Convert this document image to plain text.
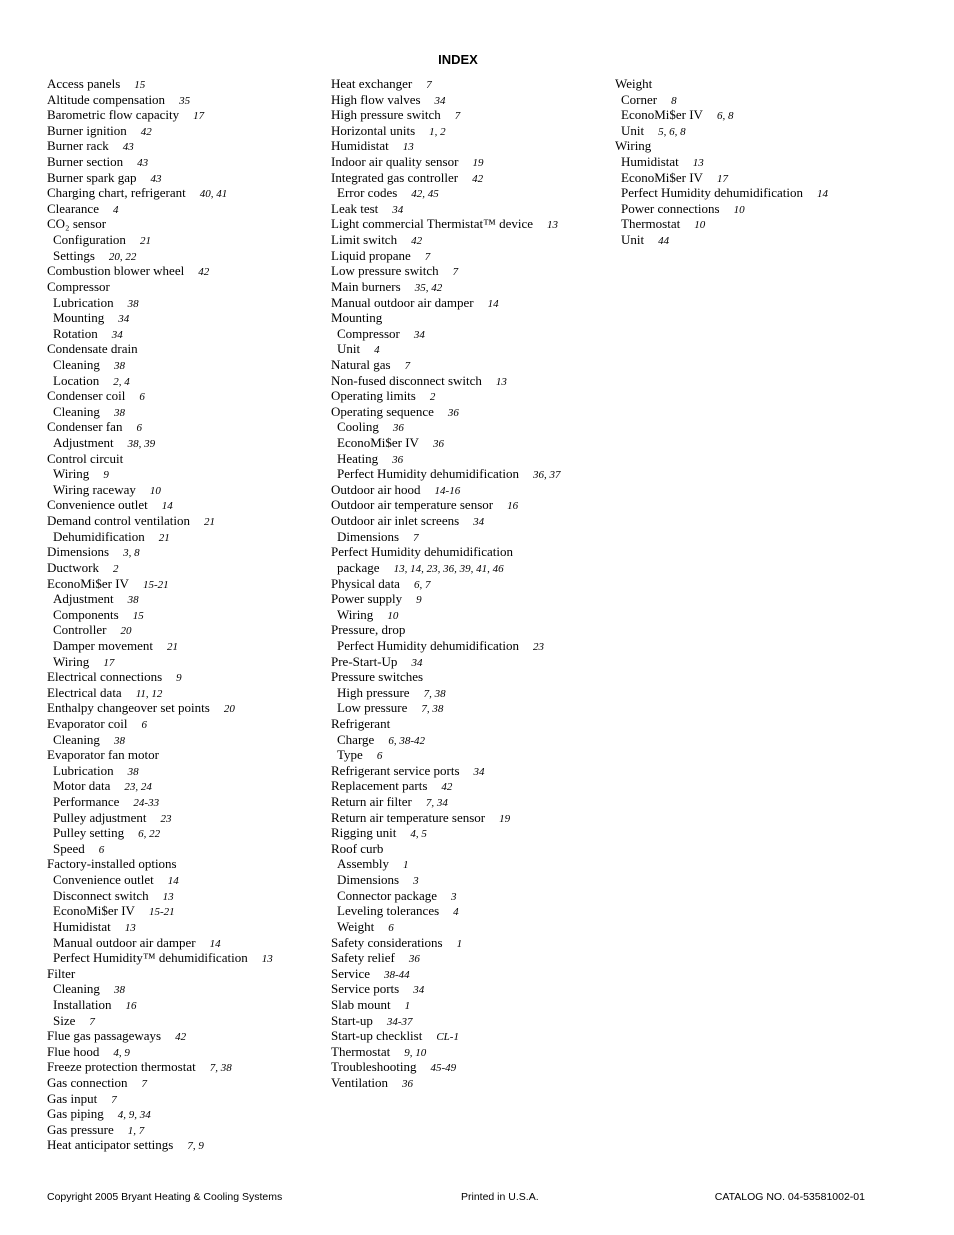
INDEX
Access panels 15
Altitude compensation 35
Barometric flow capacity 17
Burner ignition 42
Burner rack 43
Burner section 43
Burner spark gap 43
Charging chart, refrigerant 40, 41
Clearance 4
CO₂ sensor
Configuration 21
Settings 20, 22
Combustion blower wheel 42
Compressor
Lubrication 38
Mounting 34
Rotation 34
Condensate drain
Cleaning 38
Location 2, 4
Condenser coil 6
Cleaning 38
Condenser fan 6
Adjustment 38, 39
Control circuit
Wiring 9
Wiring raceway 10
Convenience outlet 14
Demand control ventilation 21
Dehumidification 21
Dimensions 3, 8
Ductwork 2
EconoMi$er IV 15-21
Adjustment 38
Components 15
Controller 20
Damper movement 21
Wiring 17
Electrical connections 9
Electrical data 11, 12
Enthalpy changeover set points 20
Evaporator coil 6
Cleaning 38
Evaporator fan motor
Lubrication 38
Motor data 23, 24
Performance 24-33
Pulley adjustment 23
Pulley setting 6, 22
Speed 6
Factory-installed options
Convenience outlet 14
Disconnect switch 13
EconoMi$er IV 15-21
Humidistat 13
Manual outdoor air damper 14
Perfect Humidity™ dehumidification 13
Filter
Cleaning 38
Installation 16
Size 7
Flue gas passageways 42
Flue hood 4, 9
Freeze protection thermostat 7, 38
Gas connection 7
Gas input 7
Gas piping 4, 9, 34
Gas pressure 1, 7
Heat anticipator settings 7, 9
Heat exchanger 7
High flow valves 34
High pressure switch 7
Horizontal units 1, 2
Humidistat 13
Indoor air quality sensor 19
Integrated gas controller 42
Error codes 42, 45
Leak test 34
Light commercial Thermistat™ device 13
Limit switch 42
Liquid propane 7
Low pressure switch 7
Main burners 35, 42
Manual outdoor air damper 14
Mounting
Compressor 34
Unit 4
Natural gas 7
Non-fused disconnect switch 13
Operating limits 2
Operating sequence 36
Cooling 36
EconoMi$er IV 36
Heating 36
Perfect Humidity dehumidification 36, 37
Outdoor air hood 14-16
Outdoor air temperature sensor 16
Outdoor air inlet screens 34
Dimensions 7
Perfect Humidity dehumidification
package 13, 14, 23, 36, 39, 41, 46
Physical data 6, 7
Power supply 9
Wiring 10
Pressure, drop
Perfect Humidity dehumidification 23
Pre-Start-Up 34
Pressure switches
High pressure 7, 38
Low pressure 7, 38
Refrigerant
Charge 6, 38-42
Type 6
Refrigerant service ports 34
Replacement parts 42
Return air filter 7, 34
Return air temperature sensor 19
Rigging unit 4, 5
Roof curb
Assembly 1
Dimensions 3
Connector package 3
Leveling tolerances 4
Weight 6
Safety considerations 1
Safety relief 36
Service 38-44
Service ports 34
Slab mount 1
Start-up 34-37
Start-up checklist CL-1
Thermostat 9, 10
Troubleshooting 45-49
Ventilation 36
Weight
Corner 8
EconoMi$er IV 6, 8
Unit 5, 6, 8
Wiring
Humidistat 13
EconoMi$er IV 17
Perfect Humidity dehumidification 14
Power connections 10
Thermostat 10
Unit 44
Copyright 2005 Bryant Heating & Cooling Systems	Printed in U.S.A.	CATALOG NO. 04-53581002-01
